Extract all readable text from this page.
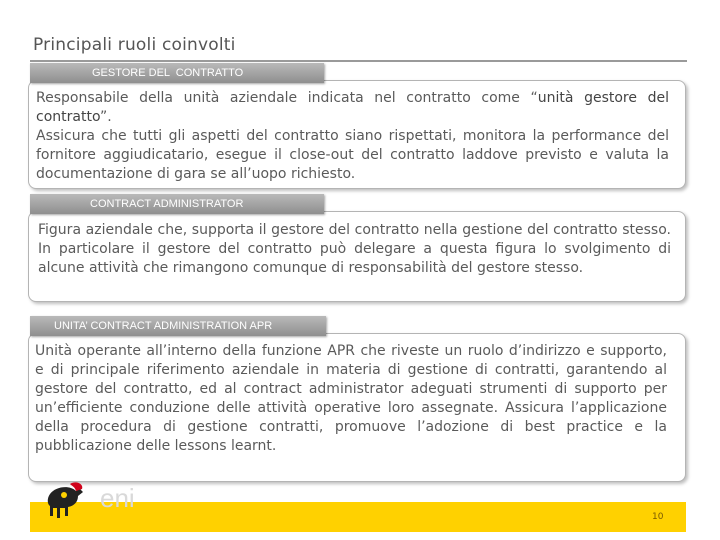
Principali ruoli coinvolti
GESTORE DEL  CONTRATTO

Responsabile della unità aziendale indicata nel contratto come “unità gestore del contratto”.

Assicura che tutti gli aspetti del contratto siano rispettati, monitora la performance del fornitore aggiudicatario, esegue il close-out del contratto laddove previsto e valuta la documentazione di gara se all’uopo richiesto.

CONTRACT ADMINISTRATOR

Figura aziendale che, supporta il gestore del contratto nella gestione del contratto stesso. In particolare il gestore del contratto può delegare a questa figura lo svolgimento di alcune attività che rimangono comunque di responsabilità del gestore stesso.

UNITA’ CONTRACT ADMINISTRATION APR

Unità operante all’interno della funzione APR che riveste un ruolo d’indirizzo e supporto, e di principale riferimento aziendale in materia di gestione di contratti, garantendo al gestore del contratto, ed al contract administrator adeguati strumenti di supporto per un’efficiente conduzione delle attività operative loro assegnate. Assicura l’applicazione della procedura di gestione contratti, promuove l’adozione di best practice e la pubblicazione delle lessons learnt.

eni
10
